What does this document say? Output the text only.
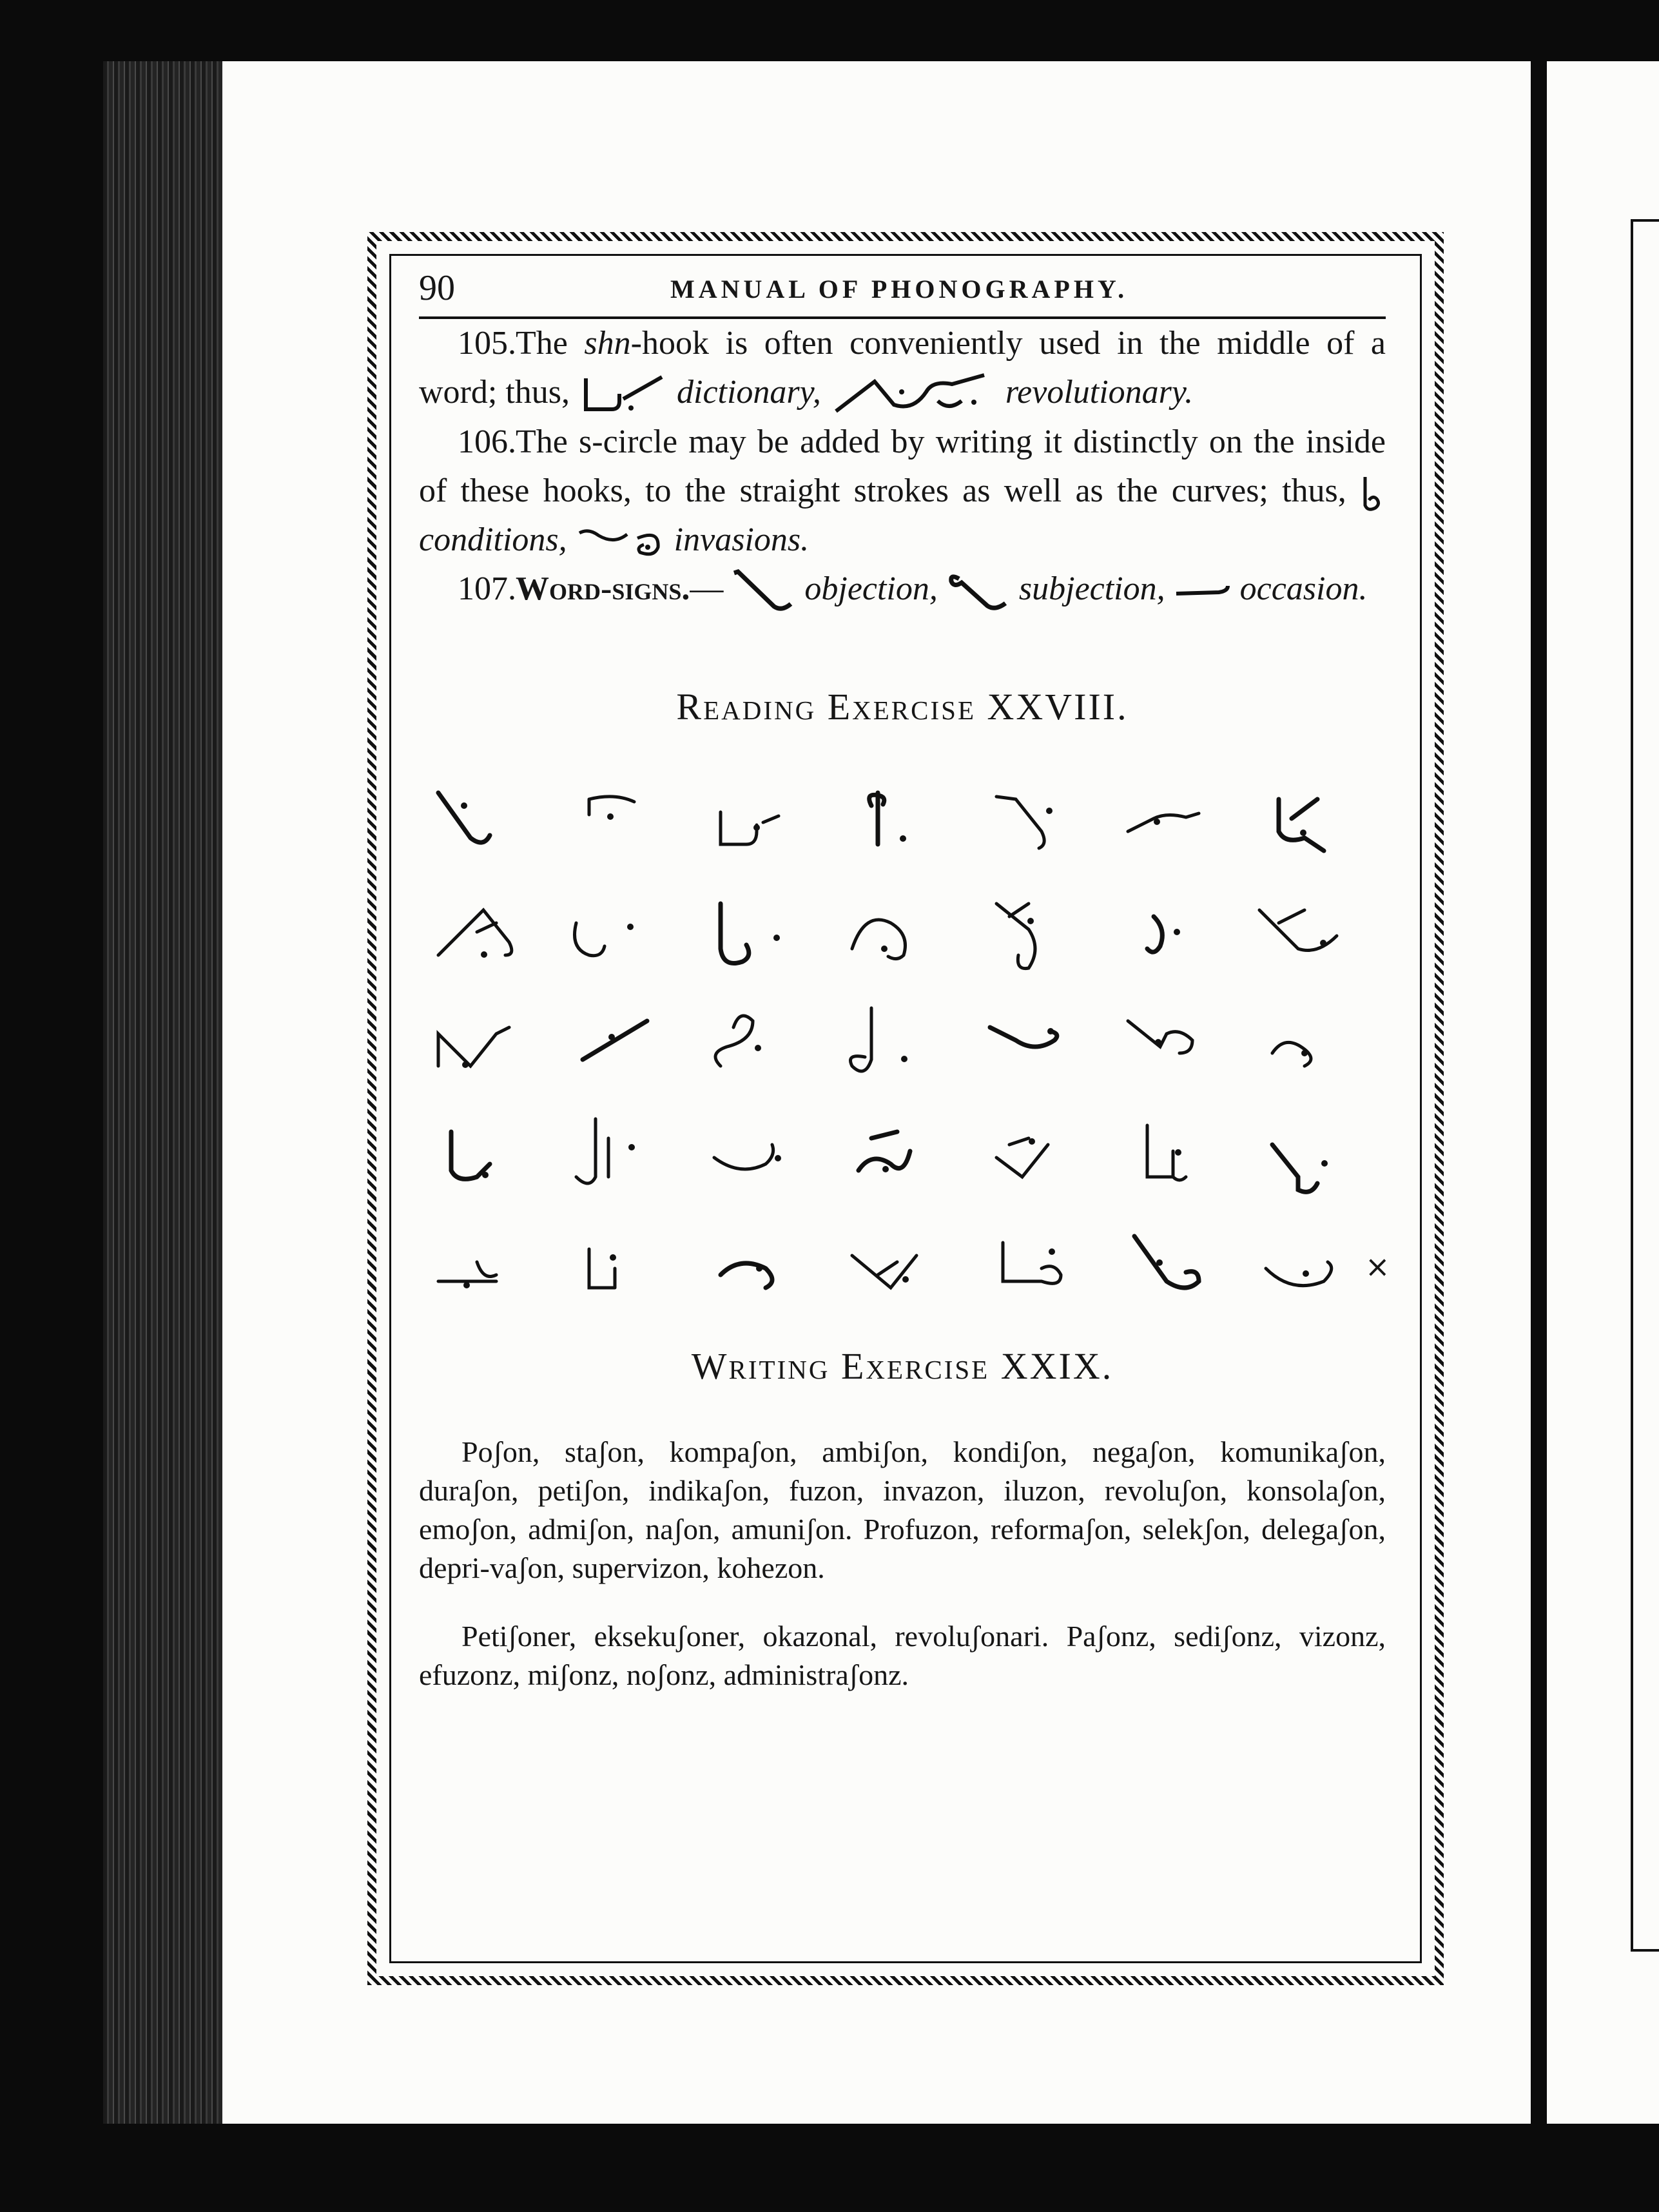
90	MANUAL OF PHONOGRAPHY.

105.The shn-hook is often conveniently used in the middle of a word; thus,	dictionary,	revolutionary.

106.The s-circle may be added by writing it distinctly on the inside of these hooks, to the straight strokes as well as the curves; thus,  conditions,	invasions.

107.Word-signs.— objection, subjection, occasion.

Reading Exercise XXVIII.
×
Writing Exercise XXIX.

Poʃon, staʃon, kompaʃon, ambiʃon, kondiʃon, negaʃon, komunikaʃon, duraʃon, petiʃon, indikaʃon, fuzon, invazon, iluzon, revoluʃon, konsolaʃon, emoʃon, admiʃon, naʃon, amuniʃon. Profuzon, reformaʃon, selekʃon, delegaʃon, depri-vaʃon, supervizon, kohezon.

Petiʃoner, eksekuʃoner, okazonal, revoluʃonari. Paʃonz, sediʃonz, vizonz, efuzonz, miʃonz, noʃonz, administraʃonz.
